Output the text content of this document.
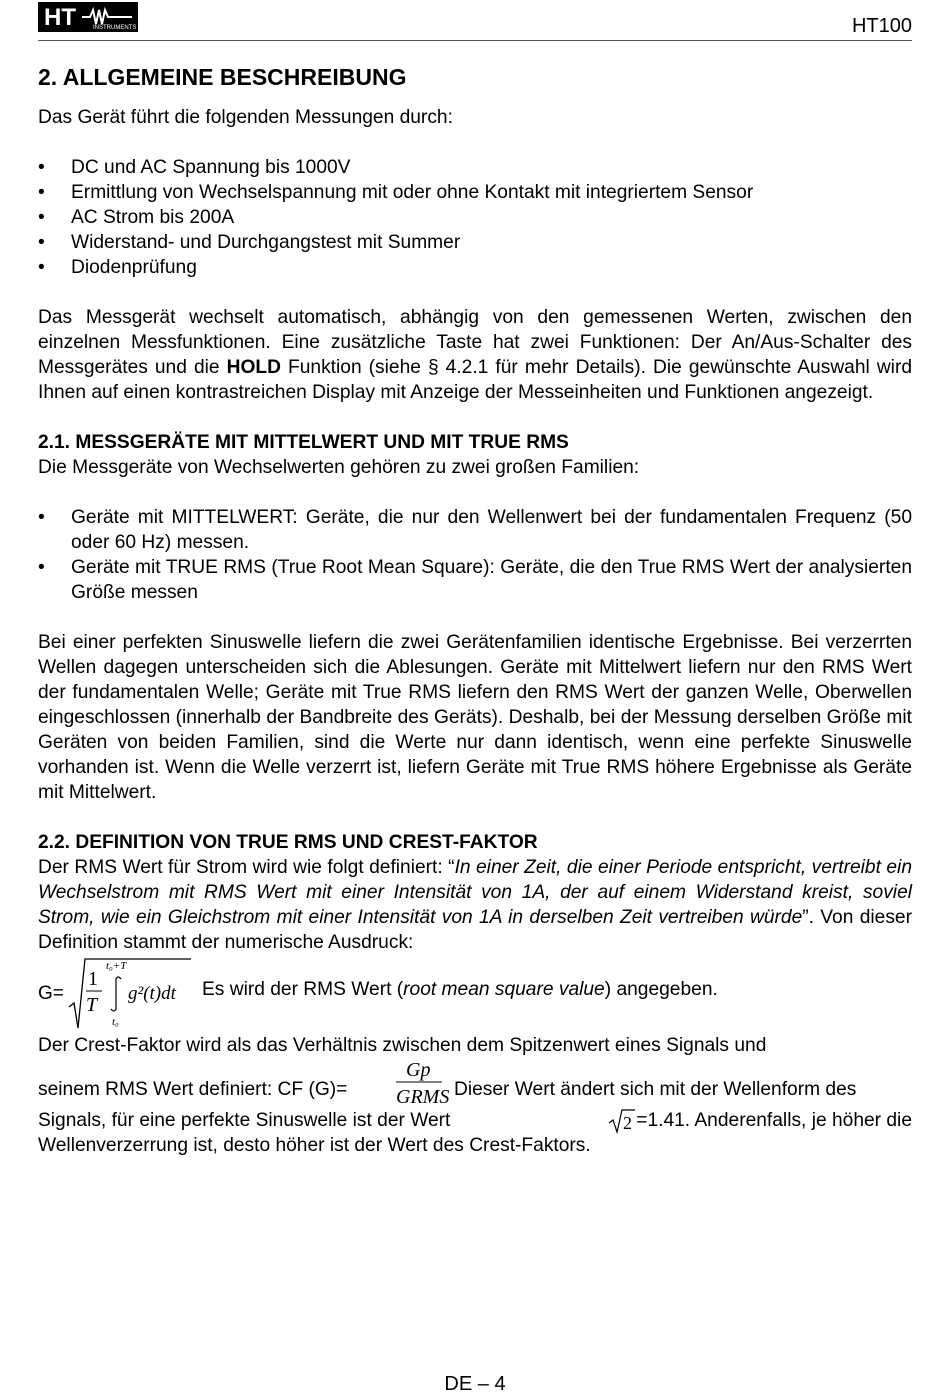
HT	INSTRUMENTS	HT100
2. ALLGEMEINE BESCHREIBUNG

Das Gerät führt die folgenden Messungen durch:

• DC und AC Spannung bis 1000V
• Ermittlung von Wechselspannung mit oder ohne Kontakt mit integriertem Sensor
• AC Strom bis 200A
• Widerstand- und Durchgangstest mit Summer
• Diodenprüfung

Das Messgerät wechselt automatisch, abhängig von den gemessenen Werten, zwischen den einzelnen Messfunktionen. Eine zusätzliche Taste hat zwei Funktionen: Der An/Aus-Schalter des Messgerätes und die HOLD Funktion (siehe § 4.2.1 für mehr Details). Die gewünschte Auswahl wird Ihnen auf einen kontrastreichen Display mit Anzeige der Messeinheiten und Funktionen angezeigt.

2.1. MESSGERÄTE MIT MITTELWERT UND MIT TRUE RMS

Die Messgeräte von Wechselwerten gehören zu zwei großen Familien:

• Geräte mit MITTELWERT: Geräte, die nur den Wellenwert bei der fundamentalen Frequenz (50 oder 60 Hz) messen.
• Geräte mit TRUE RMS (True Root Mean Square): Geräte, die den True RMS Wert der analysierten Größe messen

Bei einer perfekten Sinuswelle liefern die zwei Gerätenfamilien identische Ergebnisse. Bei verzerrten Wellen dagegen unterscheiden sich die Ablesungen. Geräte mit Mittelwert liefern nur den RMS Wert der fundamentalen Welle; Geräte mit True RMS liefern den RMS Wert der ganzen Welle, Oberwellen eingeschlossen (innerhalb der Bandbreite des Geräts). Deshalb, bei der Messung derselben Größe mit Geräten von beiden Familien, sind die Werte nur dann identisch, wenn eine perfekte Sinuswelle vorhanden ist. Wenn die Welle verzerrt ist, liefern Geräte mit True RMS höhere Ergebnisse als Geräte mit Mittelwert.

2.2. DEFINITION VON TRUE RMS UND CREST-FAKTOR

Der RMS Wert für Strom wird wie folgt definiert: “In einer Zeit, die einer Periode entspricht, vertreibt ein Wechselstrom mit RMS Wert mit einer Intensität von 1A, der auf einem Widerstand kreist, soviel Strom, wie ein Gleichstrom mit einer Intensität von 1A in derselben Zeit vertreiben würde”. Von dieser Definition stammt der numerische Ausdruck:

G=
1
T
t₀+T
t₀
g²(t)dt Es wird der RMS Wert (root mean square value) angegeben.

Der Crest-Faktor wird als das Verhältnis zwischen dem Spitzenwert eines Signals und

seinem RMS Wert definiert: CF (G)=
Gp
GRMS Dieser Wert ändert sich mit der Wellenform des
Signals, für eine perfekte Sinuswelle ist der Wert	2 =1.41. Anderenfalls, je höher die

Wellenverzerrung ist, desto höher ist der Wert des Crest-Faktors.

DE – 4
